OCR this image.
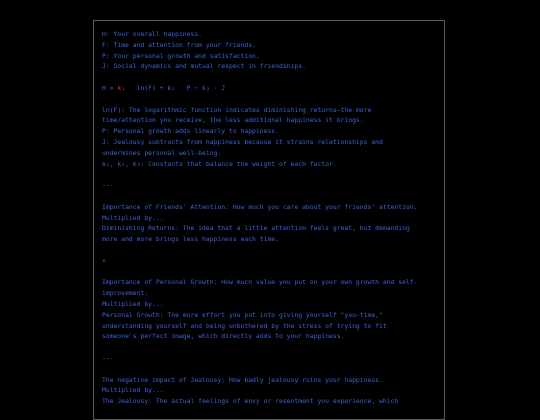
H: Your overall happiness.
F: Time and attention from your friends.
P: Your personal growth and satisfaction.
J: Social dynamics and mutual respect in friendships.
H = k₁ · ln(F) + k₂ · P − k₃ · J
ln(F): The logarithmic function indicates diminishing returns—the more
time/attention you receive, the less additional happiness it brings.
P: Personal growth adds linearly to happiness.
J: Jealousy subtracts from happiness because it strains relationships and
undermines personal well-being.
k₁, k₂, k₃: Constants that balance the weight of each factor.
---
Importance of Friends' Attention: How much you care about your friends' attention.
Multiplied by...
Diminishing Returns: The idea that a little attention feels great, but demanding
more and more brings less happiness each time.
+
Importance of Personal Growth: How much value you put on your own growth and self-
improvement.
Multiplied by...
Personal Growth: The more effort you put into giving yourself "you-time,"
understanding yourself and being unbothered by the stress of trying to fit
someone's perfect image, which directly adds to your happiness.
---
The negative impact of Jealousy: How badly jealousy ruins your happiness.
Multiplied by...
The Jealousy: The actual feelings of envy or resentment you experience, which
